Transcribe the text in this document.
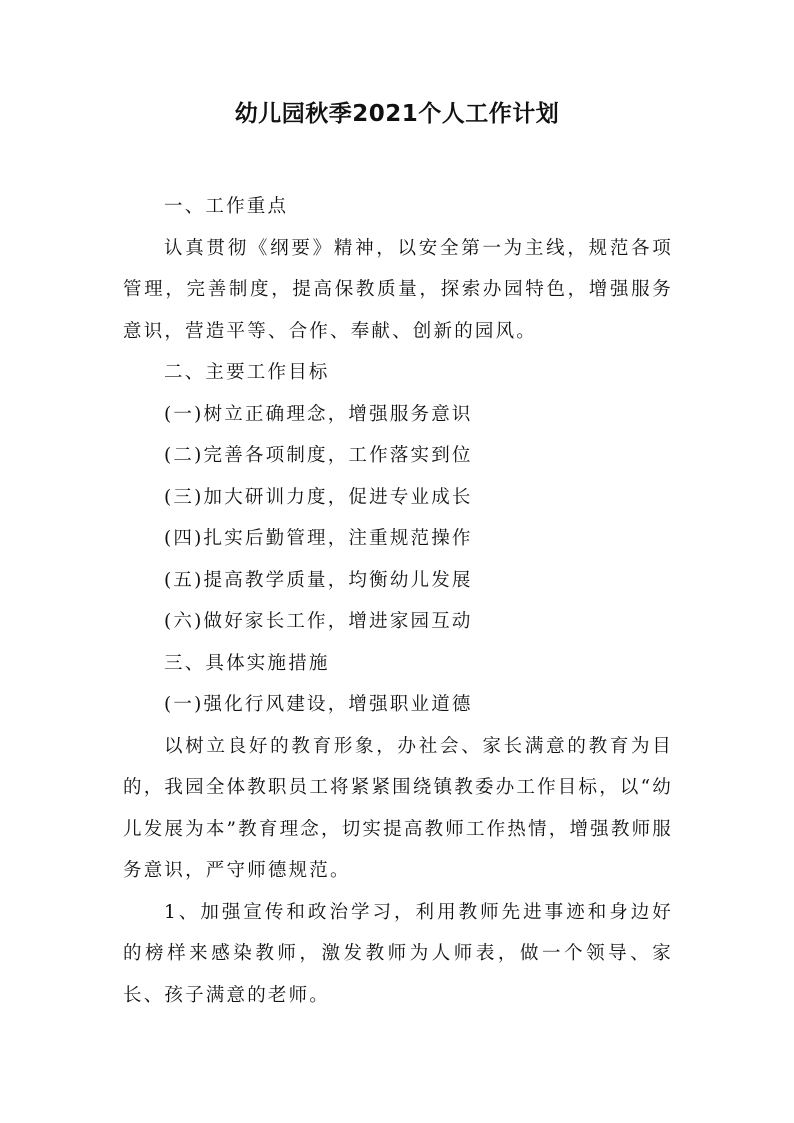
幼儿园秋季2021个人工作计划

一、工作重点

认真贯彻《纲要》精神，以安全第一为主线，规范各项管理，完善制度，提高保教质量，探索办园特色，增强服务意识，营造平等、合作、奉献、创新的园风。

二、主要工作目标

(一)树立正确理念，增强服务意识

(二)完善各项制度，工作落实到位

(三)加大研训力度，促进专业成长

(四)扎实后勤管理，注重规范操作

(五)提高教学质量，均衡幼儿发展

(六)做好家长工作，增进家园互动

三、具体实施措施

(一)强化行风建设，增强职业道德

以树立良好的教育形象，办社会、家长满意的教育为目的，我园全体教职员工将紧紧围绕镇教委办工作目标，以“幼儿发展为本”教育理念，切实提高教师工作热情，增强教师服务意识，严守师德规范。

1、加强宣传和政治学习，利用教师先进事迹和身边好的榜样来感染教师，激发教师为人师表，做一个领导、家长、孩子满意的老师。
